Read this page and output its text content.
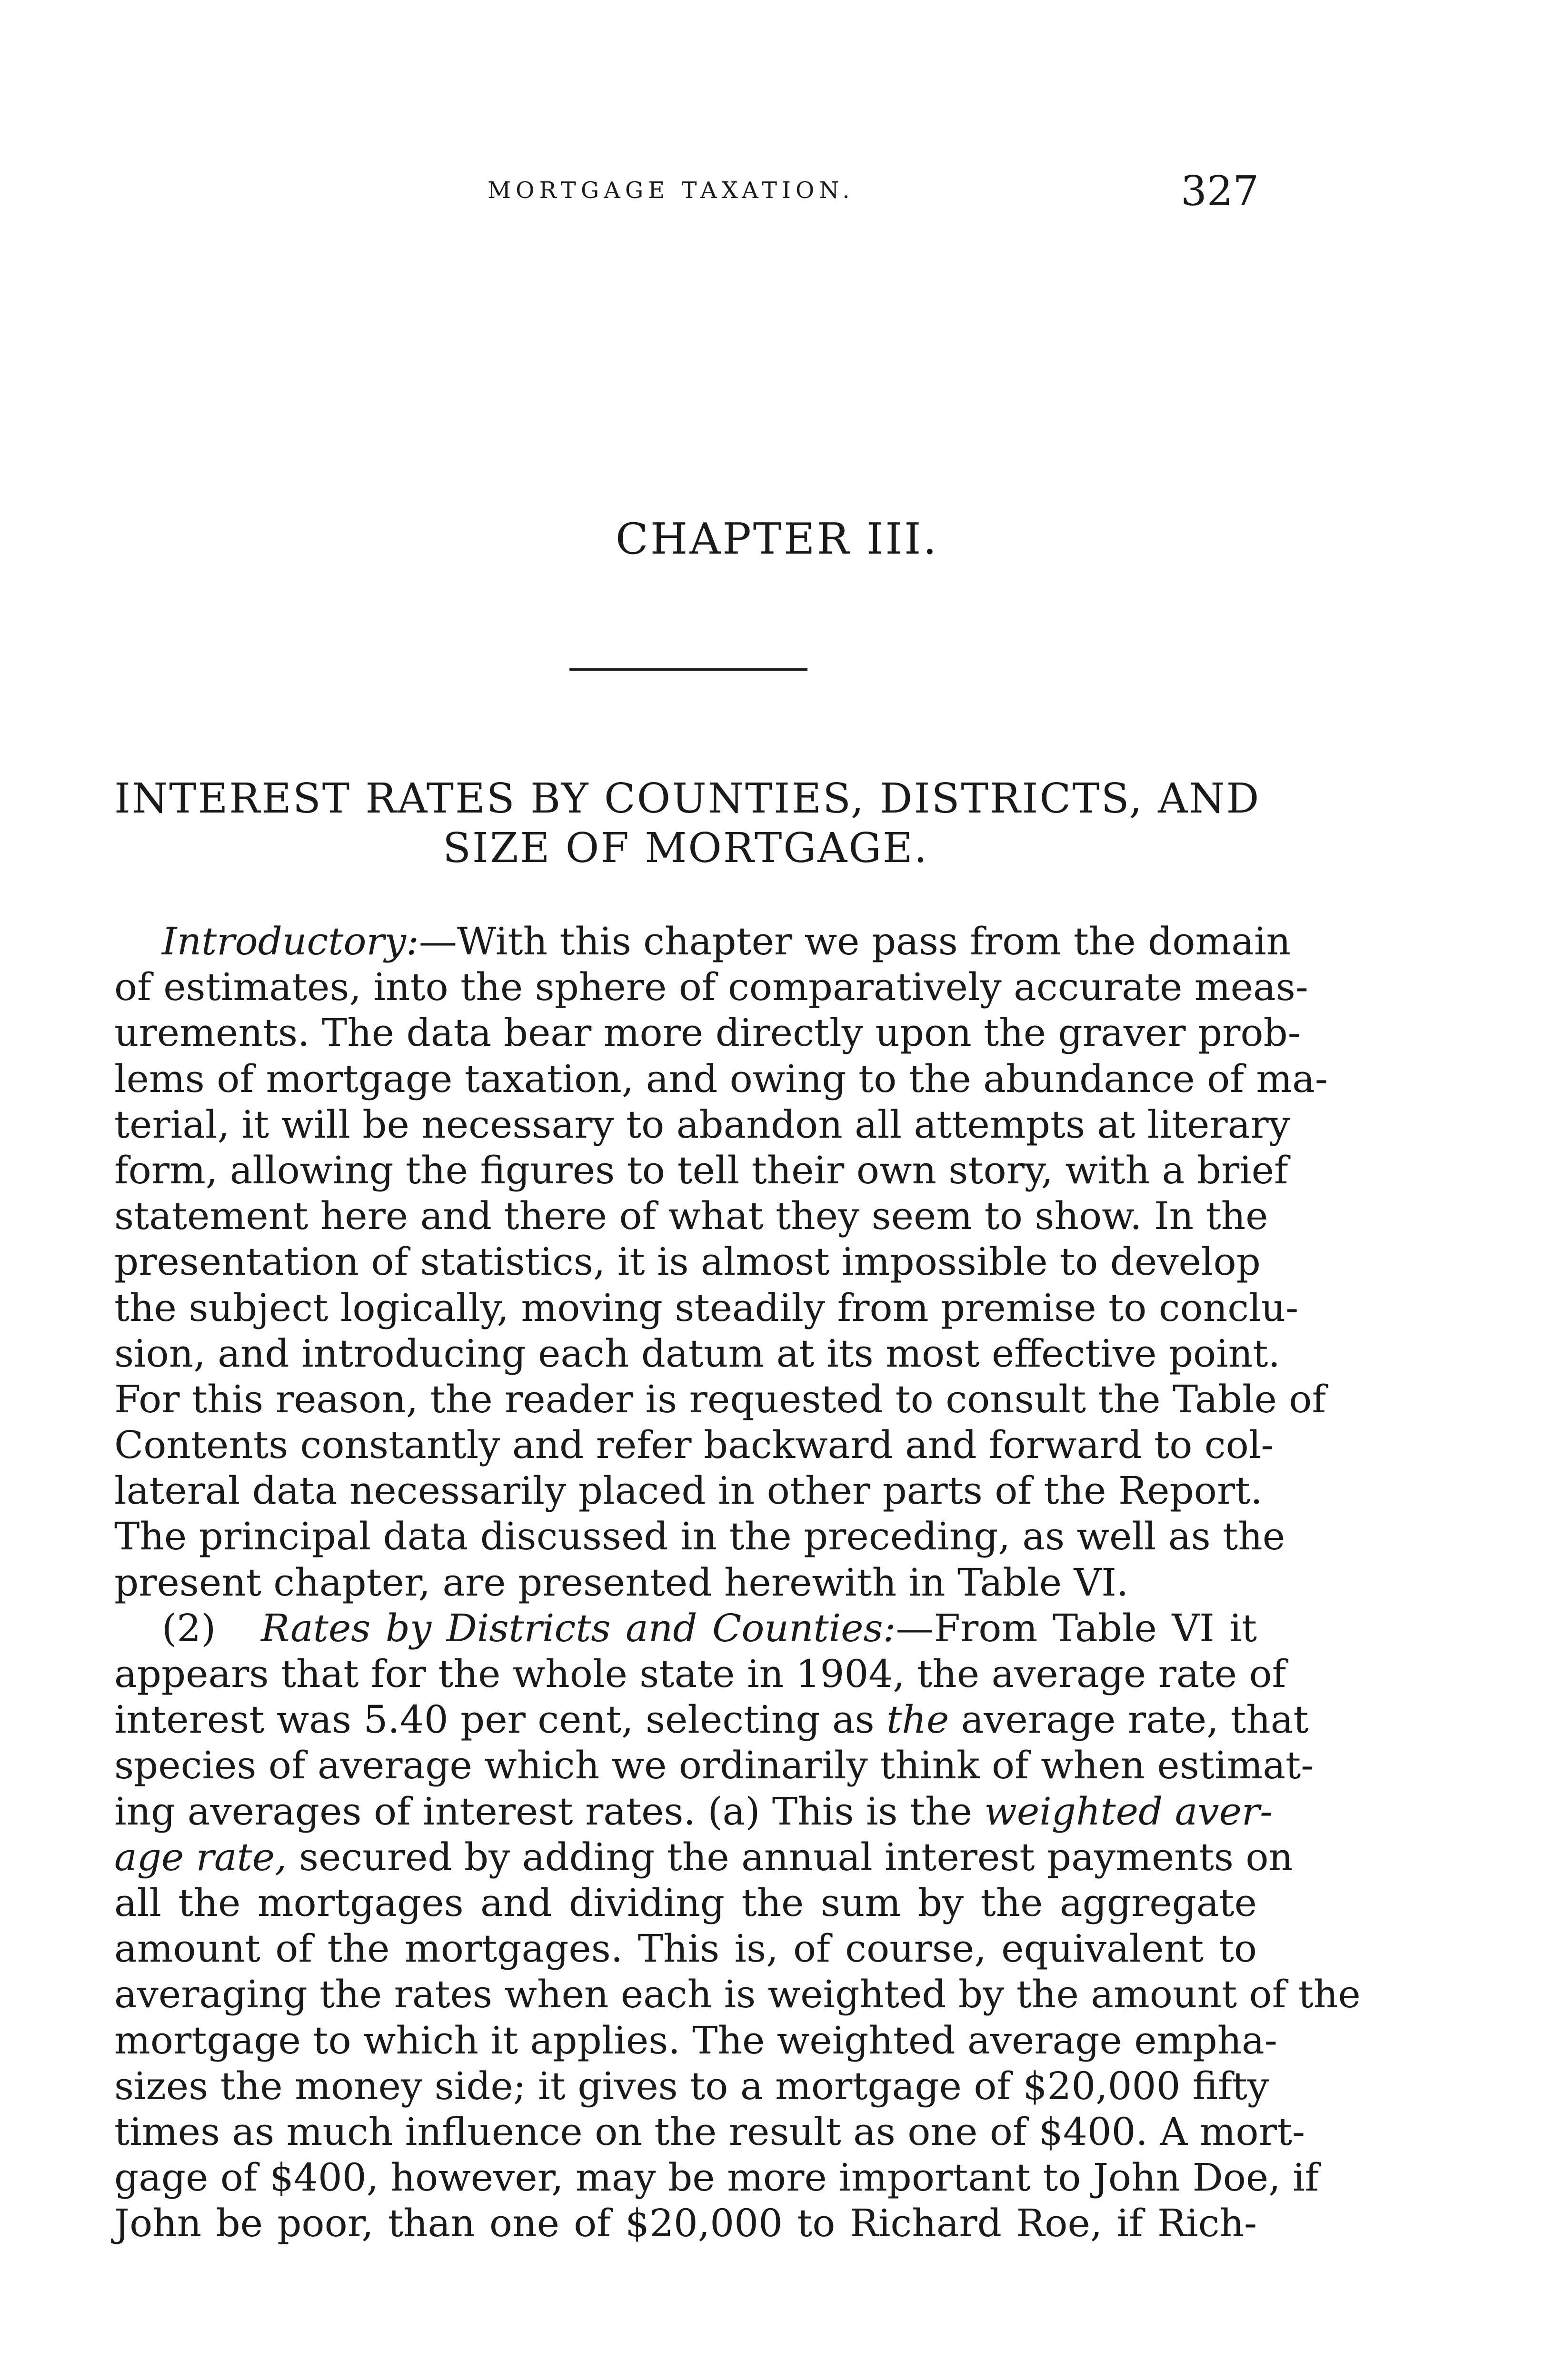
MORTGAGE TAXATION.	327
CHAPTER III.
INTEREST RATES BY COUNTIES, DISTRICTS, AND
SIZE OF MORTGAGE.
Introductory:—With this chapter we pass from the domain
of estimates, into the sphere of comparatively accurate meas-
urements. The data bear more directly upon the graver prob-
lems of mortgage taxation, and owing to the abundance of ma-
terial, it will be necessary to abandon all attempts at literary
form, allowing the figures to tell their own story, with a brief
statement here and there of what they seem to show. In the
presentation of statistics, it is almost impossible to develop
the subject logically, moving steadily from premise to conclu-
sion, and introducing each datum at its most effective point.
For this reason, the reader is requested to consult the Table of
Contents constantly and refer backward and forward to col-
lateral data necessarily placed in other parts of the Report.
The principal data discussed in the preceding, as well as the
present chapter, are presented herewith in Table VI.
(2) Rates by Districts and Counties:—From Table VI it
appears that for the whole state in 1904, the average rate of
interest was 5.40 per cent, selecting as the average rate, that
species of average which we ordinarily think of when estimat-
ing averages of interest rates. (a) This is the weighted aver-
age rate, secured by adding the annual interest payments on
all the mortgages and dividing the sum by the aggregate
amount of the mortgages. This is, of course, equivalent to
averaging the rates when each is weighted by the amount of the
mortgage to which it applies. The weighted average empha-
sizes the money side; it gives to a mortgage of $20,000 fifty
times as much influence on the result as one of $400. A mort-
gage of $400, however, may be more important to John Doe, if
John be poor, than one of $20,000 to Richard Roe, if Rich-
